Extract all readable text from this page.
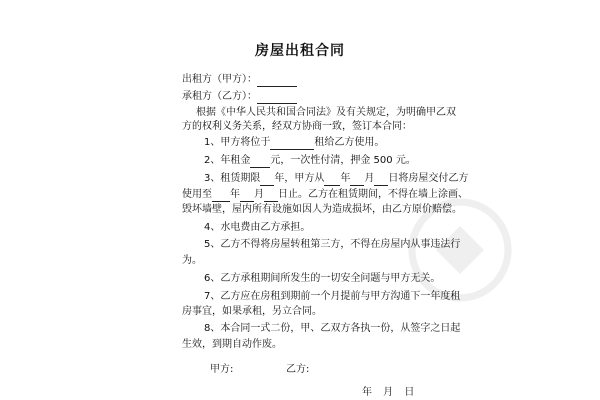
房屋出租合同
出租方（甲方）：
承租方（乙方）：
根据《中华人民共和国合同法》及有关规定，为明确甲乙双
方的权利义务关系，经双方协商一致，签订本合同：
1、甲方将位于	租给乙方使用。
2、年租金 元，一次性付清，押金 500 元。
3、租赁期限 年，甲方从 年 月 日将房屋交付乙方
使用至 年 月 日止。乙方在租赁期间，不得在墙上涂画、
毁坏墙壁，屋内所有设施如因人为造成损坏，由乙方原价赔偿。
4、水电费由乙方承担。
5、乙方不得将房屋转租第三方，不得在房屋内从事违法行
为。
6、乙方承租期间所发生的一切安全问题与甲方无关。
7、乙方应在房租到期前一个月提前与甲方沟通下一年度租
房事宜，如果承租，另立合同。
8、本合同一式二份，甲、乙双方各执一份，从签字之日起
生效，到期自动作废。
甲方:	乙方:
年 月 日
